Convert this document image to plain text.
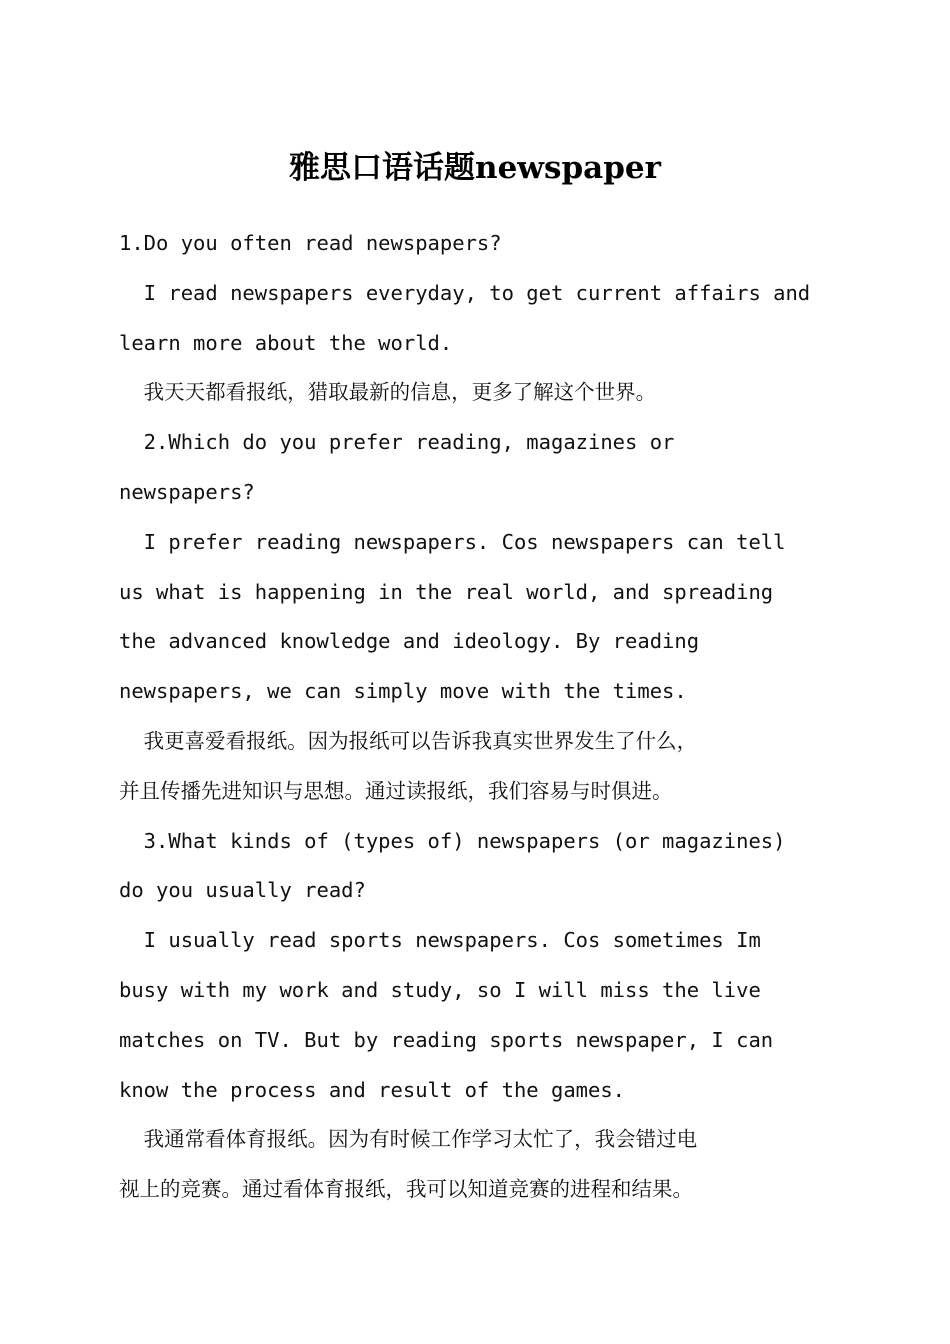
雅思口语话题newspaper
1.Do you often read newspapers?
I read newspapers everyday, to get current affairs and
learn more about the world.
我天天都看报纸，猎取最新的信息，更多了解这个世界。
2.Which do you prefer reading, magazines or
newspapers?
I prefer reading newspapers. Cos newspapers can tell
us what is happening in the real world, and spreading
the advanced knowledge and ideology. By reading
newspapers, we can simply move with the times.
我更喜爱看报纸。因为报纸可以告诉我真实世界发生了什么，
并且传播先进知识与思想。通过读报纸，我们容易与时俱进。
3.What kinds of (types of) newspapers (or magazines)
do you usually read?
I usually read sports newspapers. Cos sometimes Im
busy with my work and study, so I will miss the live
matches on TV. But by reading sports newspaper, I can
know the process and result of the games.
我通常看体育报纸。因为有时候工作学习太忙了，我会错过电
视上的竞赛。通过看体育报纸，我可以知道竞赛的进程和结果。
